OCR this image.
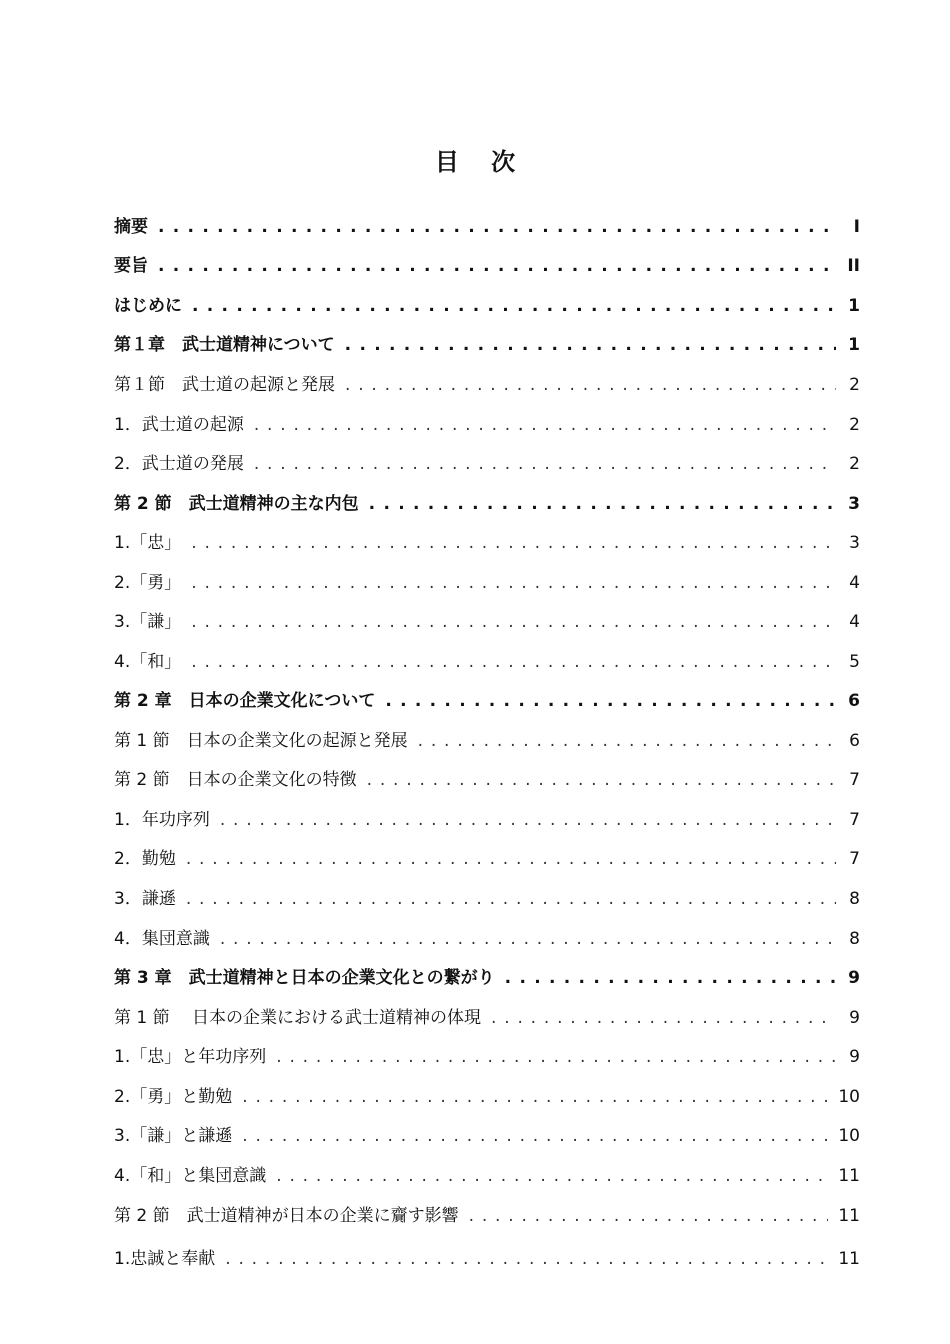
目 次
摘要 . . .	I
要旨 . . .	II
はじめに . . .	1
第１章　武士道精神について . . .	1
第１節　武士道の起源と発展 . . .	2
1．武士道の起源 . . .	2
2．武士道の発展 . . .	2
第 2 節　武士道精神の主な内包 . . .	3
1.「忠」 . . .	3
2.「勇」 . . .	4
3.「謙」 . . .	4
4.「和」 . . .	5
第 2 章　日本の企業文化について . . .	6
第 1 節　日本の企業文化の起源と発展 . . .	6
第 2 節　日本の企業文化の特徴 . . .	7
1．年功序列 . . .	7
2．勤勉 . . .	7
3．謙遜 . . .	8
4．集団意識 . . .	8
第 3 章　武士道精神と日本の企業文化との繋がり . . .	9
第 1 節　 日本の企業における武士道精神の体現 . . .	9
1.「忠」と年功序列 . . .	9
2.「勇」と勤勉 . . .	10
3.「謙」と謙遜 . . .	10
4.「和」と集団意識 . . .	11
第 2 節　武士道精神が日本の企業に齎す影響 . . .	11
1.忠誠と奉献 . . .	11
